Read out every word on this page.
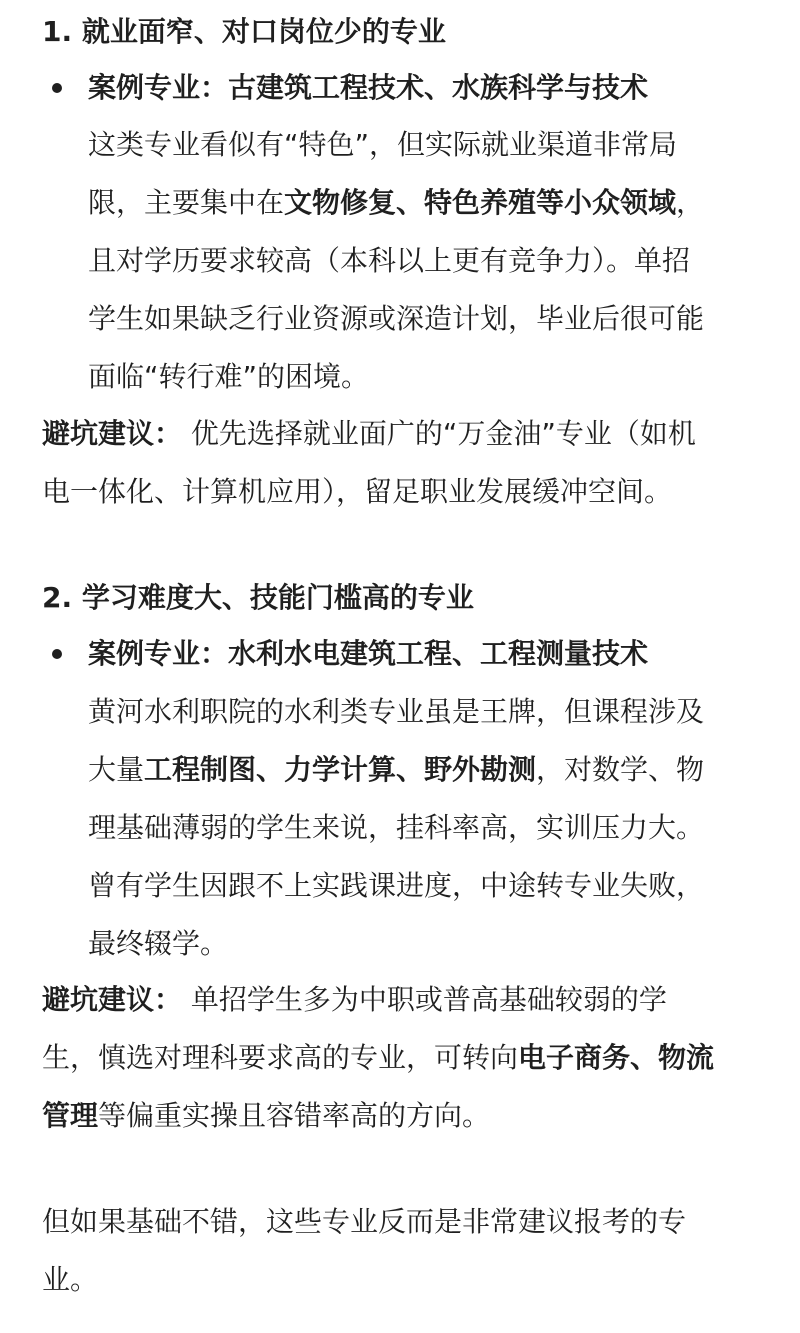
1. 就业面窄、对口岗位少的专业

案例专业：古建筑工程技术、水族科学与技术

这类专业看似有“特色”，但实际就业渠道非常局
限，主要集中在文物修复、特色养殖等小众领域，
且对学历要求较高（本科以上更有竞争力）。单招
学生如果缺乏行业资源或深造计划，毕业后很可能
面临“转行难”的困境。
避坑建议： 优先选择就业面广的“万金油”专业（如机
电一体化、计算机应用），留足职业发展缓冲空间。
2. 学习难度大、技能门槛高的专业

案例专业：水利水电建筑工程、工程测量技术

黄河水利职院的水利类专业虽是王牌，但课程涉及
大量工程制图、力学计算、野外勘测，对数学、物
理基础薄弱的学生来说，挂科率高，实训压力大。
曾有学生因跟不上实践课进度，中途转专业失败，
最终辍学。
避坑建议： 单招学生多为中职或普高基础较弱的学
生，慎选对理科要求高的专业，可转向电子商务、物流
管理等偏重实操且容错率高的方向。
但如果基础不错，这些专业反而是非常建议报考的专
业。
